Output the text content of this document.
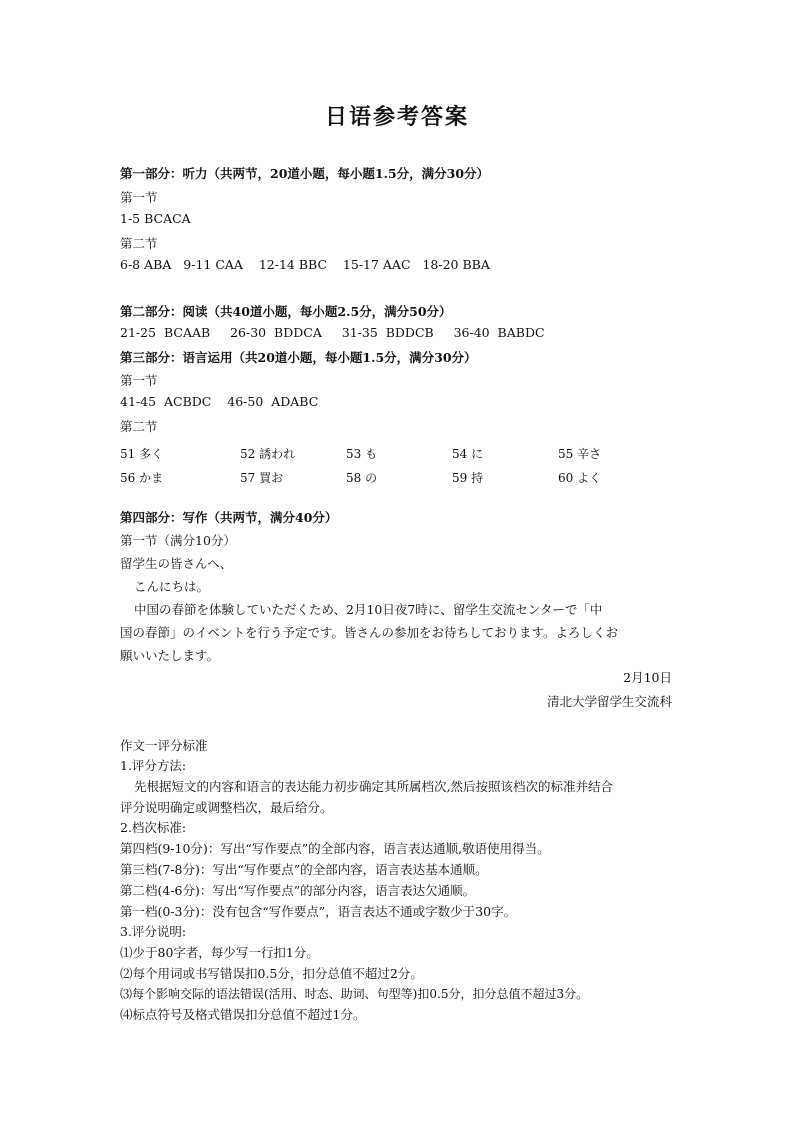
日语参考答案
第一部分：听力（共两节，20道小题，每小题1.5分，满分30分）
第一节
1-5 BCACA
第二节
6-8 ABA   9-11 CAA    12-14 BBC    15-17 AAC   18-20 BBA
第二部分：阅读（共40道小题，每小题2.5分，满分50分）
21-25  BCAAB     26-30  BDDCA     31-35  BDDCB     36-40  BABDC
第三部分：语言运用（共20道小题，每小题1.5分，满分30分）
第一节
41-45  ACBDC    46-50  ADABC
第二节
51 多く	52 誘われ	53 も	54 に	55 辛さ
56 かま	57 買お	58 の	59 持	60 よく
第四部分：写作（共两节，满分40分）
第一节（满分10分）
留学生の皆さんへ、
こんにちは。
中国の春節を体験していただくため、2月10日夜7時に、留学生交流センターで「中
国の春節」のイベントを行う予定です。皆さんの参加をお待ちしております。よろしくお
願いいたします。
2月10日
清北大学留学生交流科
作文一评分标准
1.评分方法:
先根据短文的内容和语言的表达能力初步确定其所属档次,然后按照该档次的标准并结合
评分说明确定或调整档次，最后给分。
2.档次标准:
第四档(9-10分)：写出“写作要点”的全部内容，语言表达通顺,敬语使用得当。
第三档(7-8分)：写出“写作要点”的全部内容，语言表达基本通顺。
第二档(4-6分)：写出“写作要点”的部分内容，语言表达欠通顺。
第一档(0-3分)：没有包含“写作要点”，语言表达不通或字数少于30字。
3.评分说明:
⑴少于80字者，每少写一行扣1分。
⑵每个用词或书写错误扣0.5分，扣分总值不超过2分。
⑶每个影响交际的语法错误(活用、时态、助词、句型等)扣0.5分，扣分总值不超过3分。
⑷标点符号及格式错误扣分总值不超过1分。
